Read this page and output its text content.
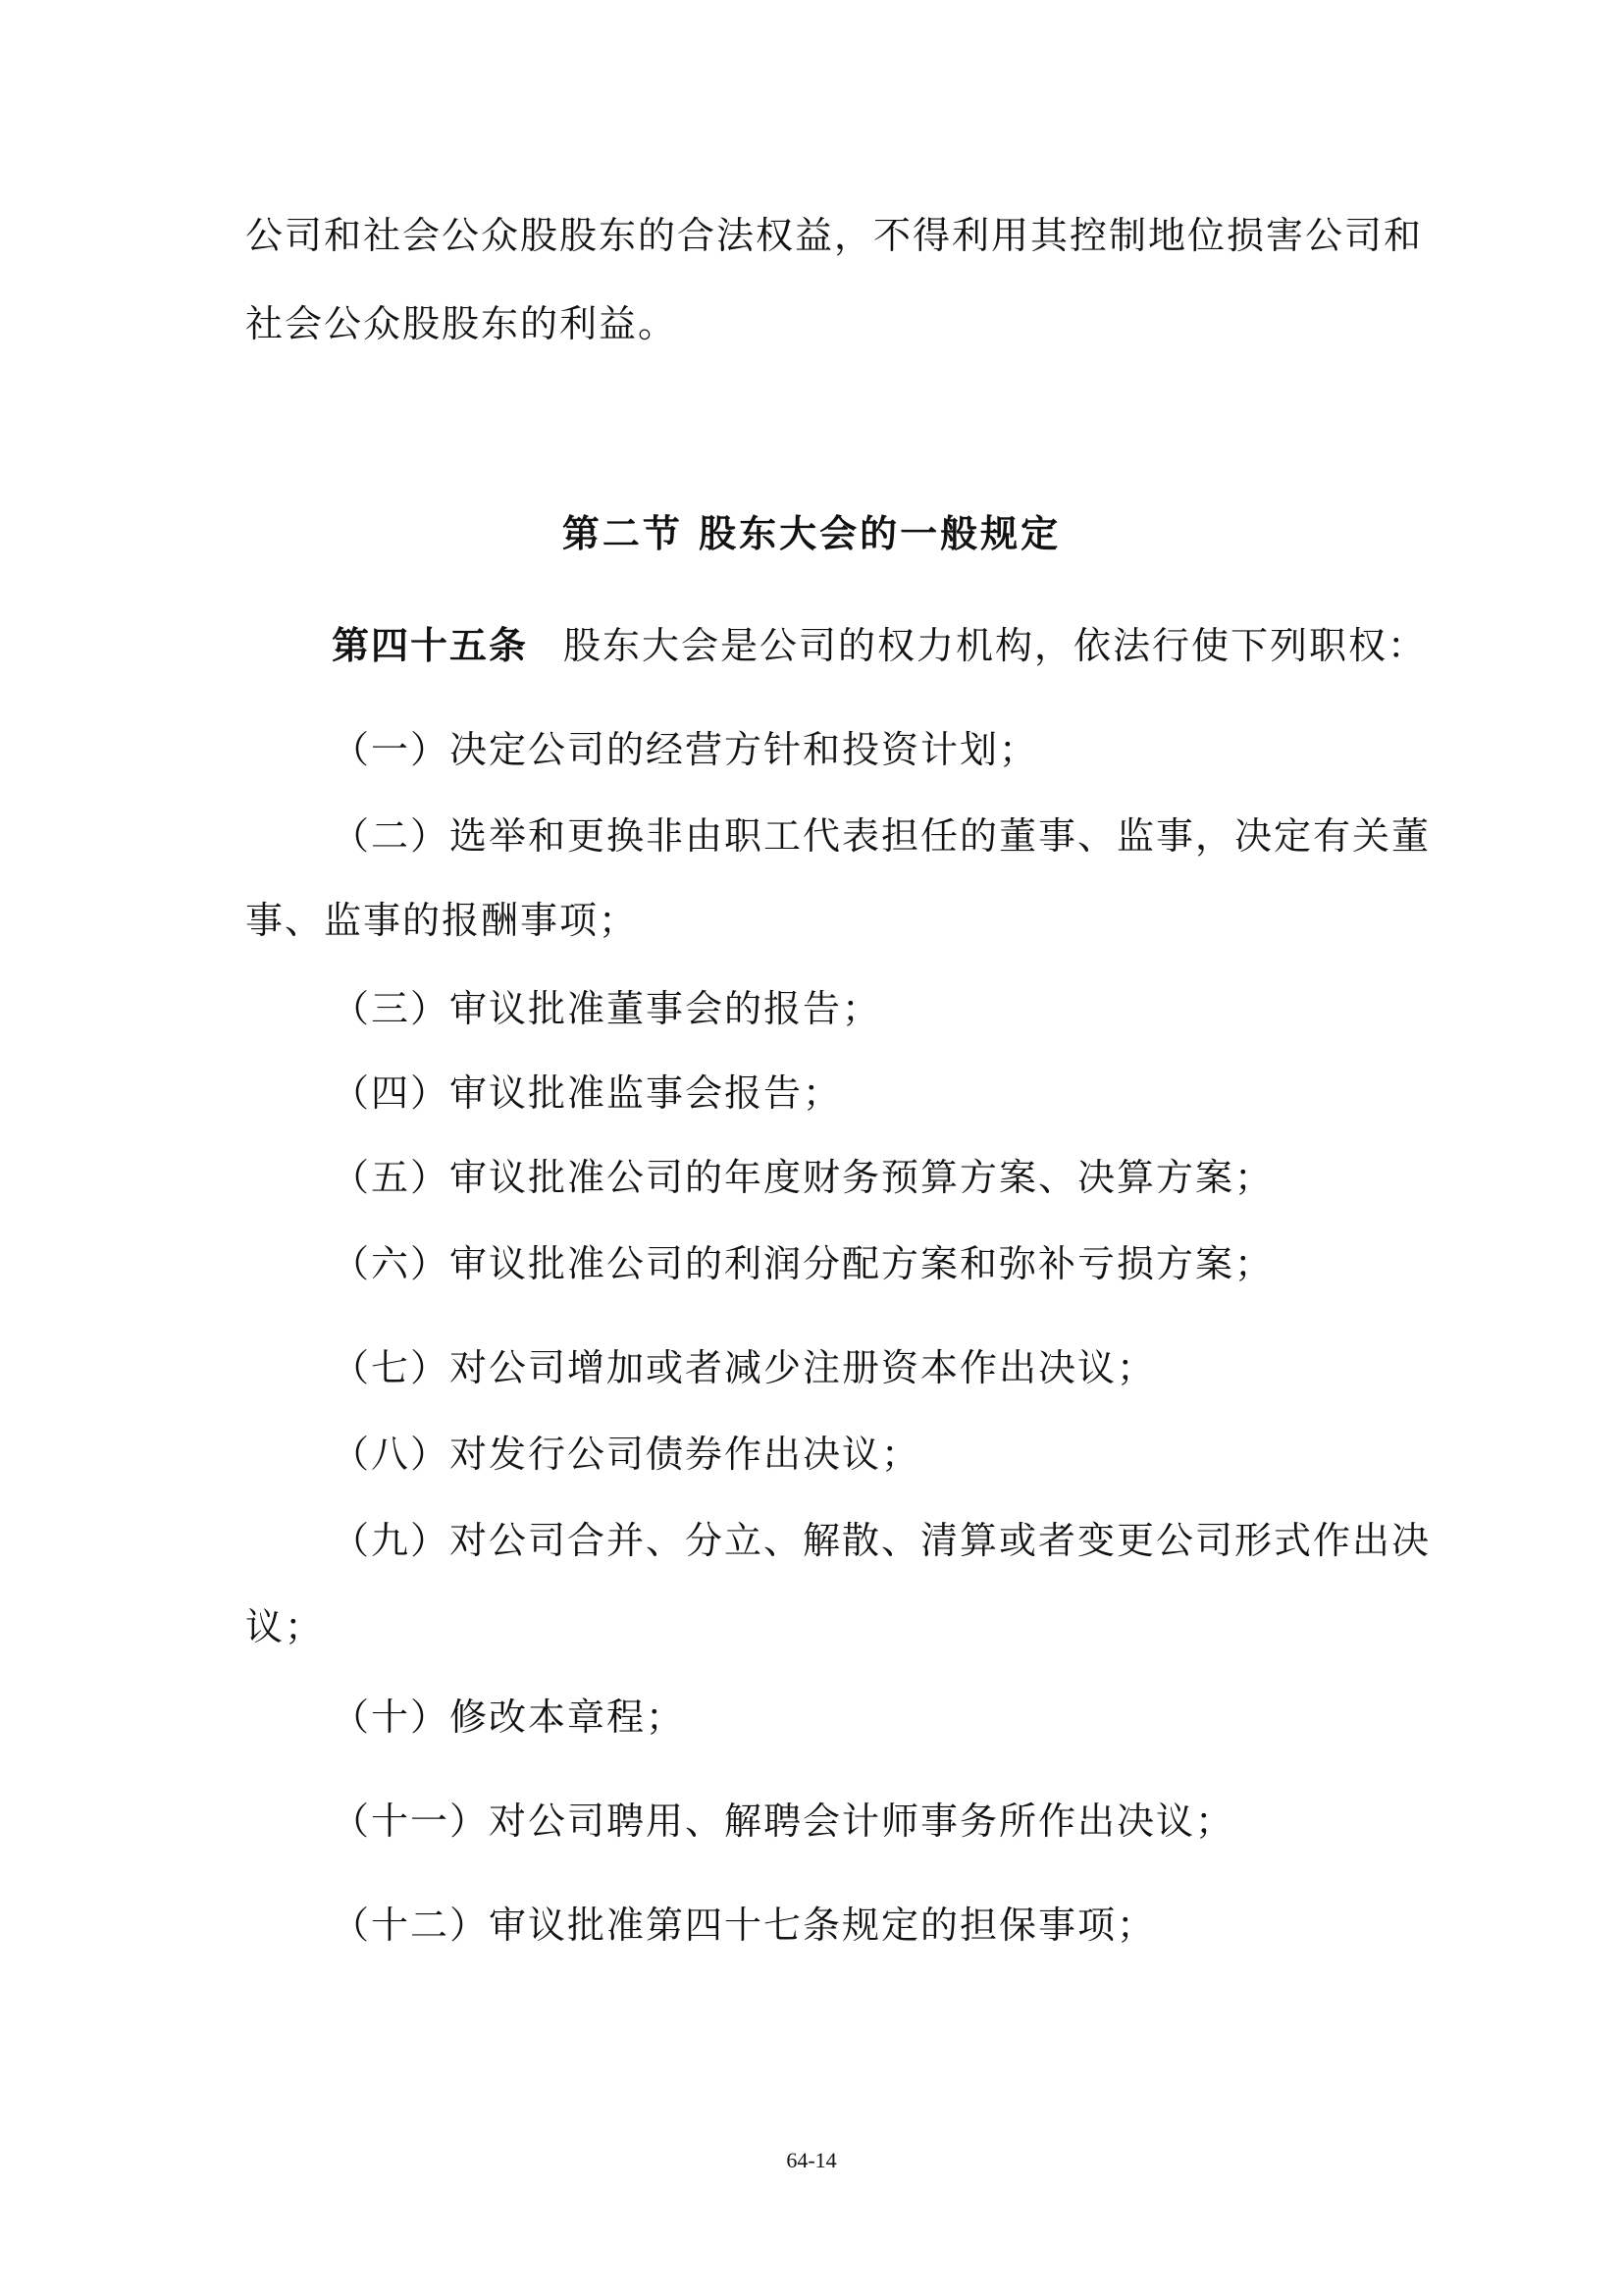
公司和社会公众股股东的合法权益，不得利用其控制地位损害公司和
社会公众股股东的利益。
第二节 股东大会的一般规定
第四十五条 股东大会是公司的权力机构，依法行使下列职权：
（一）决定公司的经营方针和投资计划；
（二）选举和更换非由职工代表担任的董事、监事，决定有关董
事、监事的报酬事项；
（三）审议批准董事会的报告；
（四）审议批准监事会报告；
（五）审议批准公司的年度财务预算方案、决算方案；
（六）审议批准公司的利润分配方案和弥补亏损方案；
（七）对公司增加或者减少注册资本作出决议；
（八）对发行公司债券作出决议；
（九）对公司合并、分立、解散、清算或者变更公司形式作出决
议；
（十）修改本章程；
（十一）对公司聘用、解聘会计师事务所作出决议；
（十二）审议批准第四十七条规定的担保事项；
64-14
